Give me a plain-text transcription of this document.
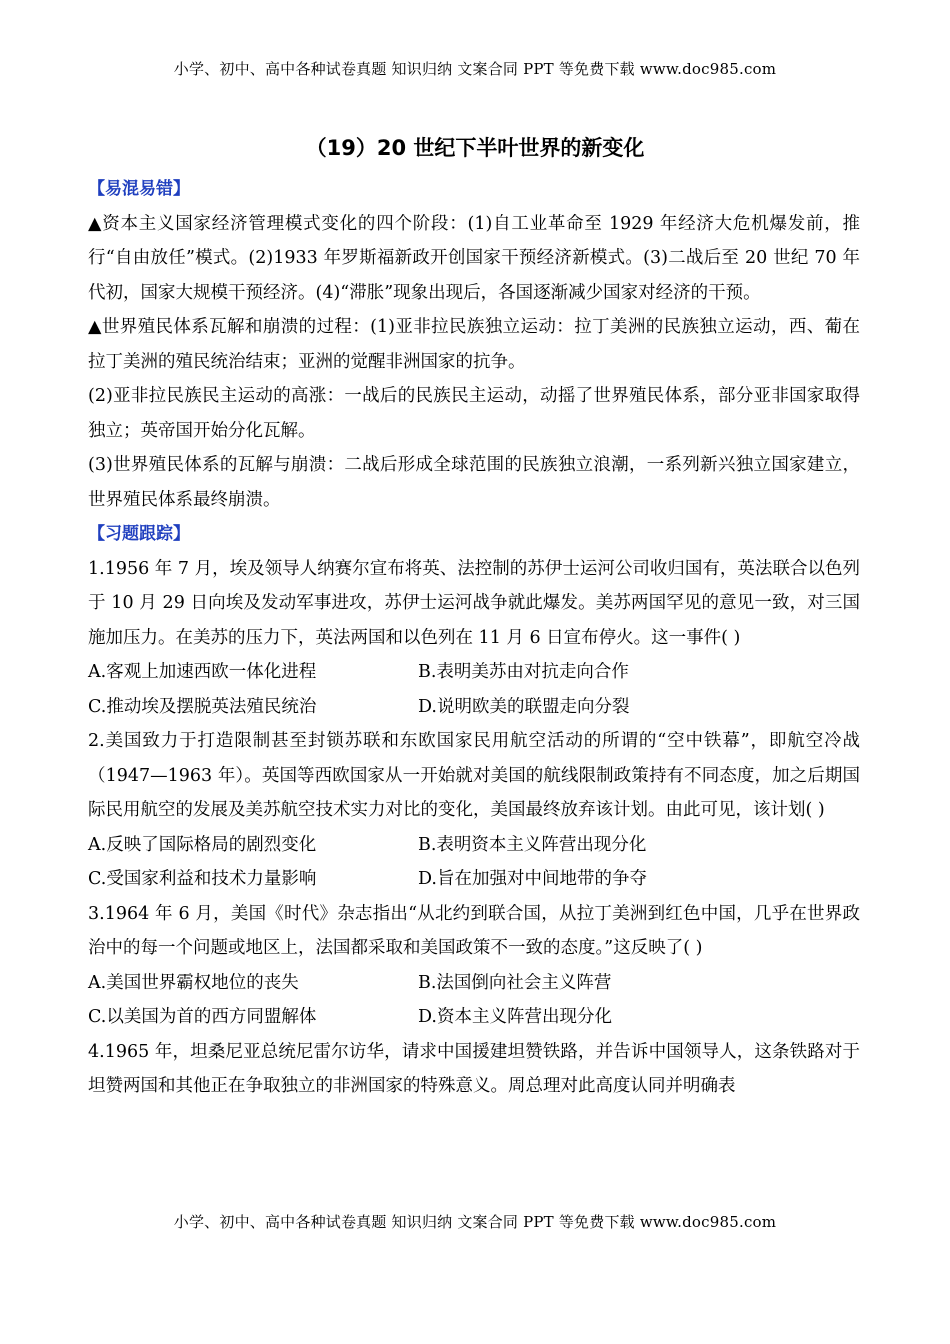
小学、初中、高中各种试卷真题 知识归纳 文案合同 PPT 等免费下载 www.doc985.com
（19）20 世纪下半叶世界的新变化
【易混易错】
▲资本主义国家经济管理模式变化的四个阶段：(1)自工业革命至 1929 年经济大危机爆发前，推行“自由放任”模式。(2)1933 年罗斯福新政开创国家干预经济新模式。(3)二战后至 20 世纪 70 年代初，国家大规模干预经济。(4)“滞胀”现象出现后，各国逐渐减少国家对经济的干预。
▲世界殖民体系瓦解和崩溃的过程：(1)亚非拉民族独立运动：拉丁美洲的民族独立运动，西、葡在拉丁美洲的殖民统治结束；亚洲的觉醒非洲国家的抗争。
(2)亚非拉民族民主运动的高涨：一战后的民族民主运动，动摇了世界殖民体系，部分亚非国家取得独立；英帝国开始分化瓦解。
(3)世界殖民体系的瓦解与崩溃：二战后形成全球范围的民族独立浪潮，一系列新兴独立国家建立，世界殖民体系最终崩溃。
【习题跟踪】
1.1956 年 7 月，埃及领导人纳赛尔宣布将英、法控制的苏伊士运河公司收归国有，英法联合以色列于 10 月 29 日向埃及发动军事进攻，苏伊士运河战争就此爆发。美苏两国罕见的意见一致，对三国施加压力。在美苏的压力下，英法两国和以色列在 11 月 6 日宣布停火。这一事件( )
A.客观上加速西欧一体化进程	B.表明美苏由对抗走向合作
C.推动埃及摆脱英法殖民统治	D.说明欧美的联盟走向分裂
2.美国致力于打造限制甚至封锁苏联和东欧国家民用航空活动的所谓的“空中铁幕”，即航空冷战（1947—1963 年）。英国等西欧国家从一开始就对美国的航线限制政策持有不同态度，加之后期国际民用航空的发展及美苏航空技术实力对比的变化，美国最终放弃该计划。由此可见，该计划( )
A.反映了国际格局的剧烈变化	B.表明资本主义阵营出现分化
C.受国家利益和技术力量影响	D.旨在加强对中间地带的争夺
3.1964 年 6 月，美国《时代》杂志指出“从北约到联合国，从拉丁美洲到红色中国，几乎在世界政治中的每一个问题或地区上，法国都采取和美国政策不一致的态度。”这反映了( )
A.美国世界霸权地位的丧失	B.法国倒向社会主义阵营
C.以美国为首的西方同盟解体	D.资本主义阵营出现分化
4.1965 年，坦桑尼亚总统尼雷尔访华，请求中国援建坦赞铁路，并告诉中国领导人，这条铁路对于坦赞两国和其他正在争取独立的非洲国家的特殊意义。周总理对此高度认同并明确表
小学、初中、高中各种试卷真题 知识归纳 文案合同 PPT 等免费下载 www.doc985.com
